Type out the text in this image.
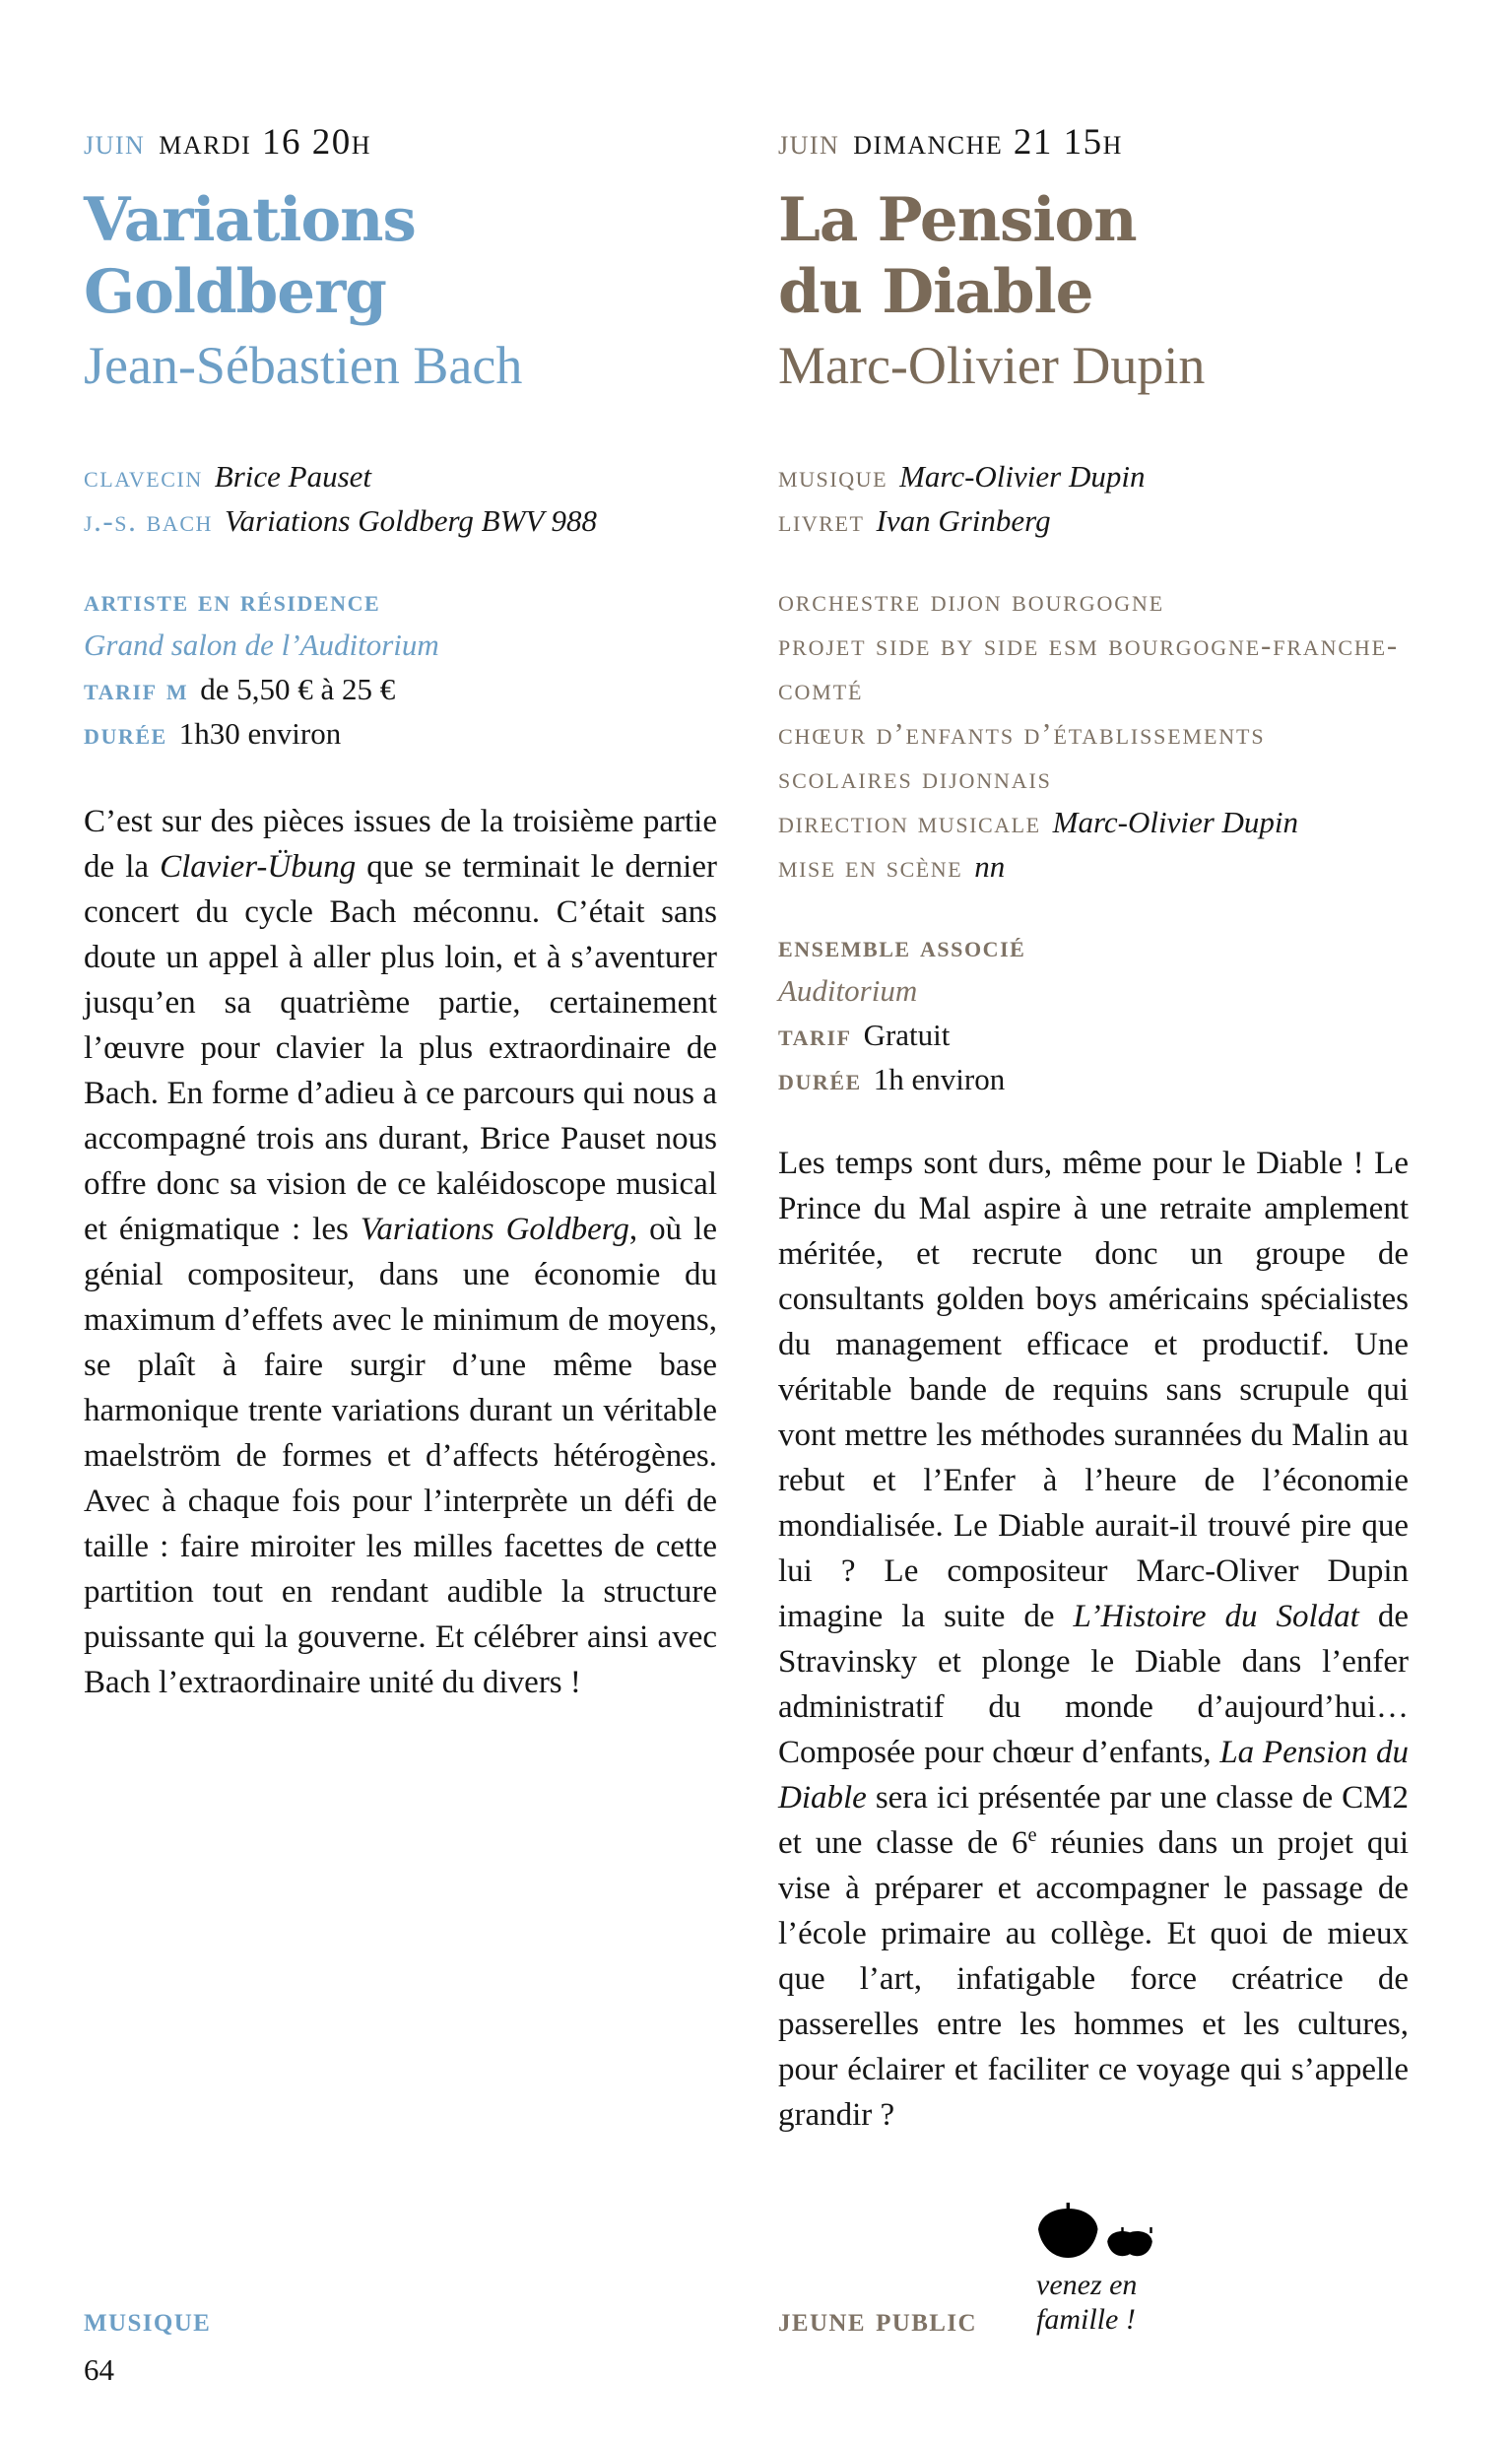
juin mardi 16 20h

Variations
Goldberg
Jean-Sébastien Bach

clavecin Brice Pauset

j.-s. bach Variations Goldberg BWV 988

artiste en résidence

Grand salon de l’Auditorium

tarif m de 5,50 € à 25 €

durée 1h30 environ

C’est sur des pièces issues de la troisième partie de la Clavier-Übung que se terminait le dernier concert du cycle Bach méconnu. C’était sans doute un appel à aller plus loin, et à s’aventurer jusqu’en sa quatrième partie, certainement l’œuvre pour clavier la plus extraordinaire de Bach. En forme d’adieu à ce parcours qui nous a accompagné trois ans durant, Brice Pauset nous offre donc sa vision de ce kaléidoscope musical et énigmatique : les Variations Goldberg, où le génial compositeur, dans une économie du maximum d’effets avec le minimum de moyens, se plaît à faire surgir d’une même base harmonique trente variations durant un véritable maelström de formes et d’affects hétérogènes. Avec à chaque fois pour l’interprète un défi de taille : faire miroiter les milles facettes de cette partition tout en rendant audible la structure puissante qui la gouverne. Et célébrer ainsi avec Bach l’extraordinaire unité du divers !

juin dimanche 21 15h

La Pension
du Diable
Marc-Olivier Dupin

musique Marc-Olivier Dupin

livret Ivan Grinberg

orchestre dijon bourgogne

projet side by side esm bourgogne-franche-comté

chœur d’enfants d’établissements scolaires dijonnais

direction musicale Marc-Olivier Dupin

mise en scène nn

ensemble associé

Auditorium

tarif Gratuit

durée 1h environ

Les temps sont durs, même pour le Diable ! Le Prince du Mal aspire à une retraite amplement méritée, et recrute donc un groupe de consultants golden boys américains spécialistes du management efficace et productif. Une véritable bande de requins sans scrupule qui vont mettre les méthodes surannées du Malin au rebut et l’Enfer à l’heure de l’économie mondialisée. Le Diable aurait-il trouvé pire que lui ? Le compositeur Marc-Oliver Dupin imagine la suite de L’Histoire du Soldat de Stravinsky et plonge le Diable dans l’enfer administratif du monde d’aujourd’hui… Composée pour chœur d’enfants, La Pension du Diable sera ici présentée par une classe de CM2 et une classe de 6e réunies dans un projet qui vise à préparer et accompagner le passage de l’école primaire au collège. Et quoi de mieux que l’art, infatigable force créatrice de passerelles entre les hommes et les cultures, pour éclairer et faciliter ce voyage qui s’appelle grandir ?

musique	jeune public

venez en
famille !

64
